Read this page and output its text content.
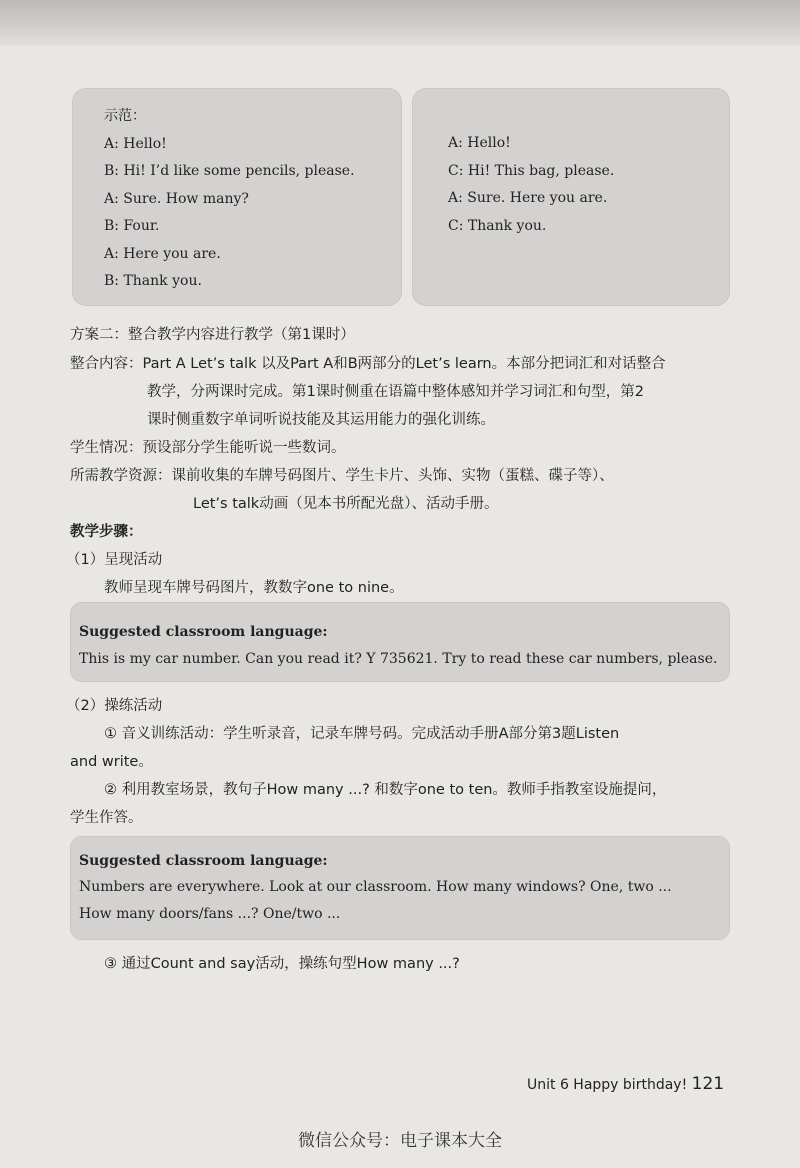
示范：

A: Hello!

B: Hi! I’d like some pencils, please.

A: Sure. How many?

B: Four.

A: Here you are.

B: Thank you.

A: Hello!

C: Hi! This bag, please.

A: Sure. Here you are.

C: Thank you.

方案二：整合教学内容进行教学（第1课时）
整合内容：Part A Let’s talk 以及Part A和B两部分的Let’s learn。本部分把词汇和对话整合
教学，分两课时完成。第1课时侧重在语篇中整体感知并学习词汇和句型，第2
课时侧重数字单词听说技能及其运用能力的强化训练。
学生情况：预设部分学生能听说一些数词。
所需教学资源：课前收集的车牌号码图片、学生卡片、头饰、实物（蛋糕、碟子等）、
Let’s talk动画（见本书所配光盘）、活动手册。
教学步骤：
（1）呈现活动
教师呈现车牌号码图片，教数字one to nine。
Suggested classroom language:
This is my car number. Can you read it? Y 735621. Try to read these car numbers, please.
（2）操练活动
① 音义训练活动：学生听录音，记录车牌号码。完成活动手册A部分第3题Listen
and write。
② 利用教室场景，教句子How many ...? 和数字one to ten。教师手指教室设施提问，
学生作答。
Suggested classroom language:
Numbers are everywhere. Look at our classroom. How many windows? One, two ...
How many doors/fans ...? One/two ...
③ 通过Count and say活动，操练句型How many ...?
Unit 6 Happy birthday! 121
微信公众号：电子课本大全
